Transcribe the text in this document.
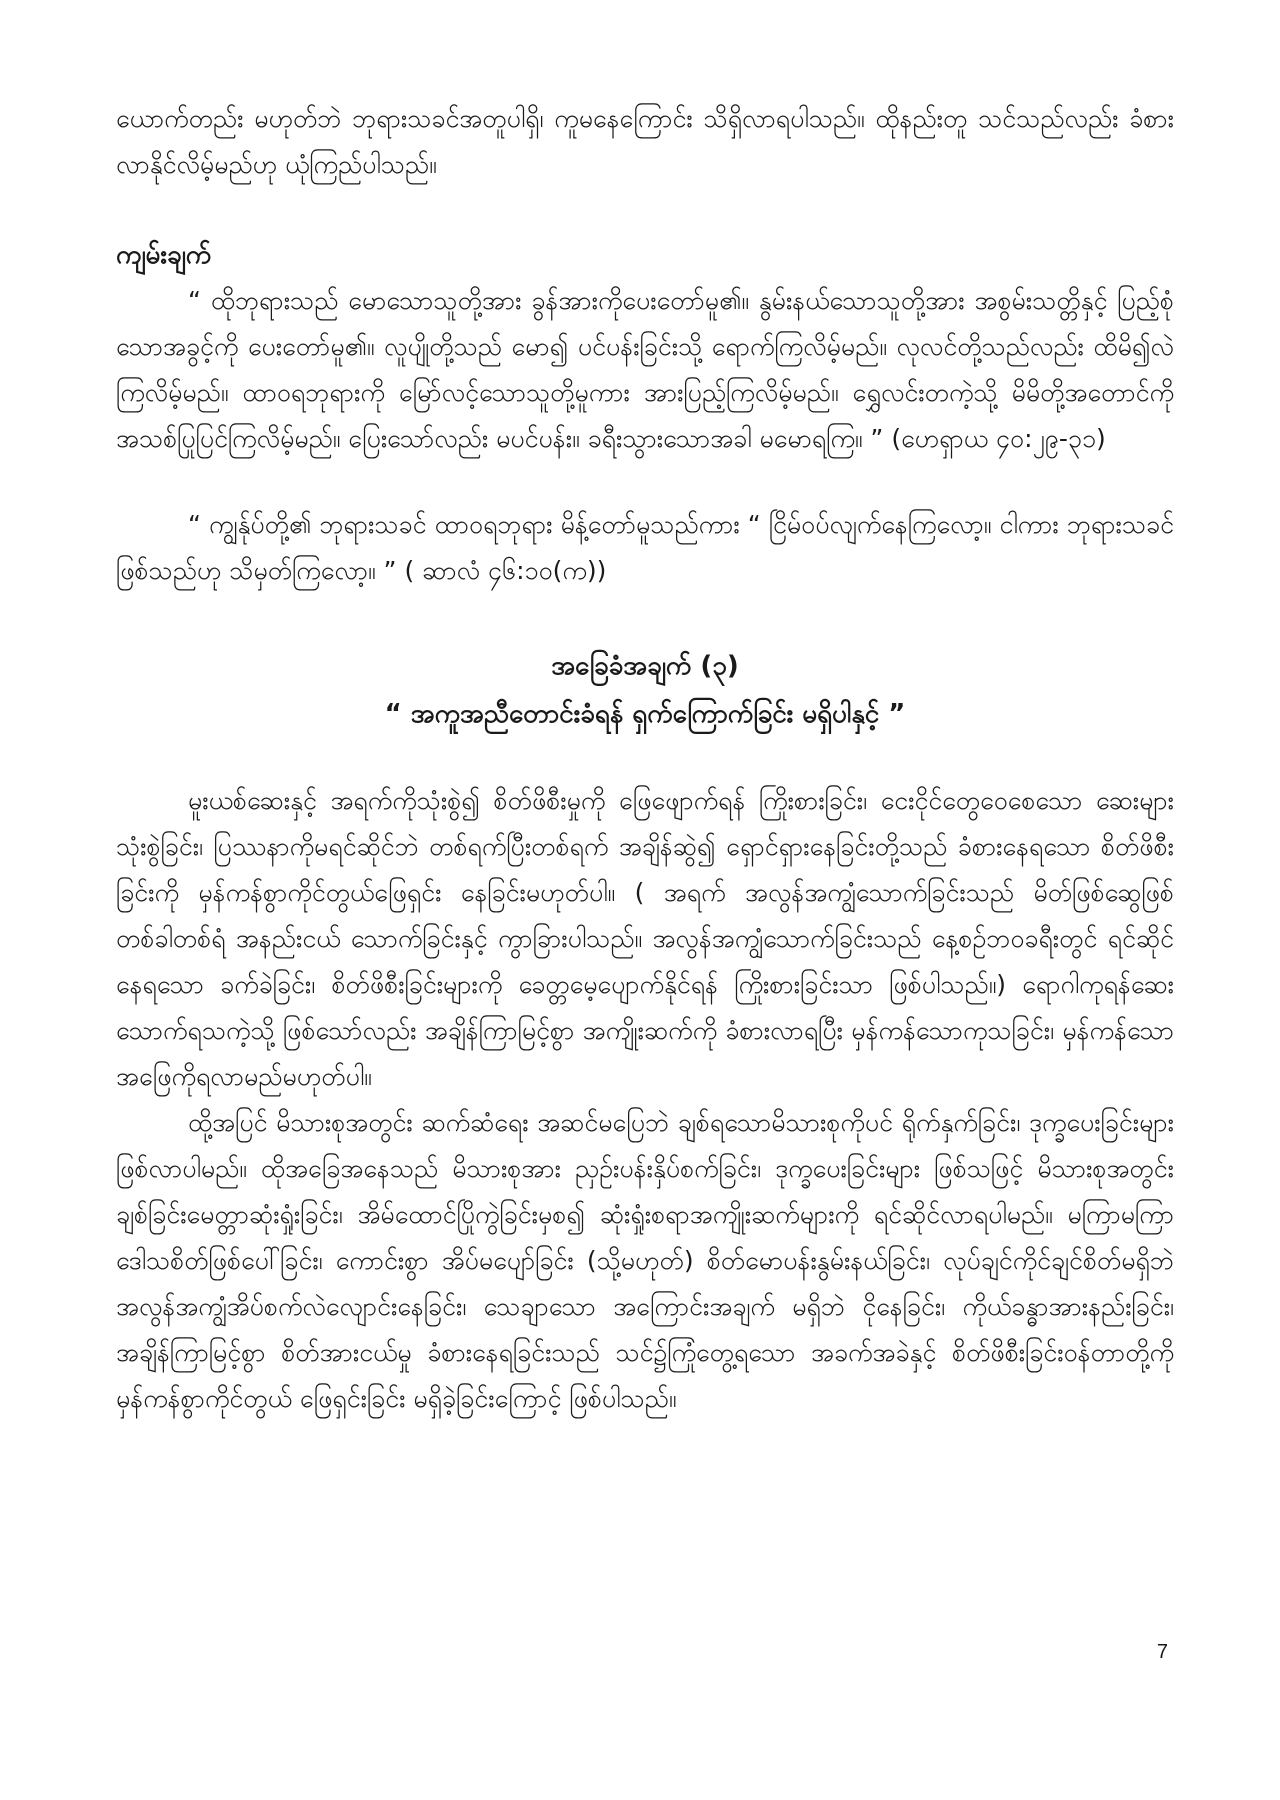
ယောက်တည်း မဟုတ်ဘဲ ဘုရားသခင်အတူပါရှိ၊ ကူမနေကြောင်း သိရှိလာရပါသည်။ ထိုနည်းတူ သင်သည်လည်း ခံစားလာနိုင်လိမ့်မည်ဟု ယုံကြည်ပါသည်။

ကျမ်းချက်

“ ထိုဘုရားသည် မောသောသူတို့အား ခွန်အားကိုပေးတော်မူ၏။ နွမ်းနယ်သောသူတို့အား အစွမ်းသတ္တိနှင့် ပြည့်စုံသောအခွင့်ကို ပေးတော်မူ၏။ လူပျိုတို့သည် မော၍ ပင်ပန်းခြင်းသို့ ရောက်ကြလိမ့်မည်။ လုလင်တို့သည်လည်း ထိမိ၍လဲကြလိမ့်မည်။ ထာဝရဘုရားကို မြော်လင့်သောသူတို့မူကား အားပြည့်ကြလိမ့်မည်။ ရွှေလင်းတကဲ့သို့ မိမိတို့အတောင်ကို အသစ်ပြုပြင်ကြလိမ့်မည်။ ပြေးသော်လည်း မပင်ပန်း။ ခရီးသွားသောအခါ မမောရကြ။ ” (ဟေရှာယ ၄၀:၂၉-၃၁)

“ ကျွန်ုပ်တို့၏ ဘုရားသခင် ထာဝရဘုရား မိန့်တော်မူသည်ကား “ ငြိမ်ဝပ်လျက်နေကြလော့။ ငါကား ဘုရားသခင်ဖြစ်သည်ဟု သိမှတ်ကြလော့။ ” ( ဆာလံ ၄၆:၁၀(က))

အခြေခံအချက် (၃)
“ အကူအညီတောင်းခံရန် ရှက်ကြောက်ခြင်း မရှိပါနှင့် ”

မူးယစ်ဆေးနှင့် အရက်ကိုသုံးစွဲ၍ စိတ်ဖိစီးမှုကို ဖြေဖျောက်ရန် ကြိုးစားခြင်း၊ ငေးငိုင်တွေဝေစေသော ဆေးများသုံးစွဲခြင်း၊ ပြဿနာကိုမရင်ဆိုင်ဘဲ တစ်ရက်ပြီးတစ်ရက် အချိန်ဆွဲ၍ ရှောင်ရှားနေခြင်းတို့သည် ခံစားနေရသော စိတ်ဖိစီးခြင်းကို မှန်ကန်စွာကိုင်တွယ်ဖြေရှင်း နေခြင်းမဟုတ်ပါ။ ( အရက် အလွန်အကျွံသောက်ခြင်းသည် မိတ်ဖြစ်ဆွေဖြစ် တစ်ခါတစ်ရံ အနည်းငယ် သောက်ခြင်းနှင့် ကွာခြားပါသည်။ အလွန်အကျွံသောက်ခြင်းသည် နေ့စဉ်ဘဝခရီးတွင် ရင်ဆိုင်နေရသော ခက်ခဲခြင်း၊ စိတ်ဖိစီးခြင်းများကို ခေတ္တမေ့ပျောက်နိုင်ရန် ကြိုးစားခြင်းသာ ဖြစ်ပါသည်။) ရောဂါကုရန်ဆေးသောက်ရသကဲ့သို့ ဖြစ်သော်လည်း အချိန်ကြာမြင့်စွာ အကျိုးဆက်ကို ခံစားလာရပြီး မှန်ကန်သောကုသခြင်း၊ မှန်ကန်သော အဖြေကိုရလာမည်မဟုတ်ပါ။

ထို့အပြင် မိသားစုအတွင်း ဆက်ဆံရေး အဆင်မပြေဘဲ ချစ်ရသောမိသားစုကိုပင် ရိုက်နှက်ခြင်း၊ ဒုက္ခပေးခြင်းများဖြစ်လာပါမည်။ ထိုအခြေအနေသည် မိသားစုအား ညှဉ်းပန်းနှိပ်စက်ခြင်း၊ ဒုက္ခပေးခြင်းများ ဖြစ်သဖြင့် မိသားစုအတွင်း ချစ်ခြင်းမေတ္တာဆုံးရှုံးခြင်း၊ အိမ်ထောင်ပြိုကွဲခြင်းမှစ၍ ဆုံးရှုံးစရာအကျိုးဆက်များကို ရင်ဆိုင်လာရပါမည်။ မကြာမကြာ ဒေါသစိတ်ဖြစ်ပေါ်ခြင်း၊ ကောင်းစွာ အိပ်မပျော်ခြင်း (သို့မဟုတ်) စိတ်မောပန်းနွမ်းနယ်ခြင်း၊ လုပ်ချင်ကိုင်ချင်စိတ်မရှိဘဲ အလွန်အကျွံအိပ်စက်လဲလျောင်းနေခြင်း၊ သေချာသော အကြောင်းအချက် မရှိဘဲ ငိုနေခြင်း၊ ကိုယ်ခန္ဓာအားနည်းခြင်း၊ အချိန်ကြာမြင့်စွာ စိတ်အားငယ်မှု ခံစားနေရခြင်းသည် သင်၌ကြုံတွေ့ရသော အခက်အခဲနှင့် စိတ်ဖိစီးခြင်းဝန်တာတို့ကို မှန်ကန်စွာကိုင်တွယ် ဖြေရှင်းခြင်း မရှိခဲ့ခြင်းကြောင့် ဖြစ်ပါသည်။

7
